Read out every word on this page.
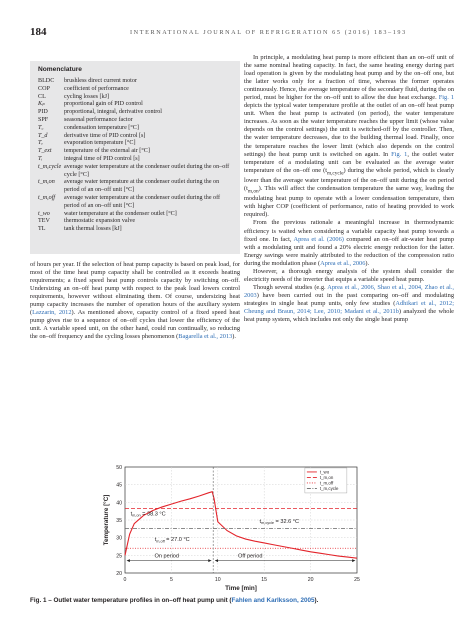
184	INTERNATIONAL JOURNAL OF REFRIGERATION 65 (2016) 183–193
Nomenclature
BLDC	brushless direct current motor
COP	coefficient of performance
CL	cycling losses [kJ]
Kₚ	proportional gain of PID control
PID	proportional, integral, derivative control
SPF	seasonal performance factor
T꜀	condensation temperature [°C]
T_d	derivative time of PID control [s]
Tₑ	evaporation temperature [°C]
T_ext	temperature of the external air [°C]
Tᵢ	integral time of PID control [s]
t_m,cycle average water temperature at the condenser outlet during the on–off cycle [°C]
t_m,on	average water temperature at the condenser outlet during the on period of an on–off unit [°C]
t_m,off	average water temperature at the condenser outlet during the off period of an on–off unit [°C]
t_wo	water temperature at the condenser outlet [°C]
TEV	thermostatic expansion valve
TL	tank thermal losses [kJ]

of hours per year. If the selection of heat pump capacity is based on peak load, for most of the time heat pump capacity shall be controlled as it exceeds heating requirements; a fixed speed heat pump controls capacity by switching on–off. Undersizing an on–off heat pump with respect to the peak load lowers control requirements, however without eliminating them. Of course, undersizing heat pump capacity increases the number of operation hours of the auxiliary system (Lazzarin, 2012). As mentioned above, capacity control of a fixed speed heat pump gives rise to a sequence of on–off cycles that lower the efficiency of the unit. A variable speed unit, on the other hand, could run continually, so reducing the on–off frequency and the cycling losses phenomenon (Bagarella et al., 2013).

In principle, a modulating heat pump is more efficient than an on–off unit of the same nominal heating capacity. In fact, the same heating energy during part load operation is given by the modulating heat pump and by the on–off one, but the latter works only for a fraction of time, whereas the former operates continuously. Hence, the average temperature of the secondary fluid, during the on period, must be higher for the on–off unit to allow the due heat exchange. Fig. 1 depicts the typical water temperature profile at the outlet of an on–off heat pump unit. When the heat pump is activated (on period), the water temperature increases. As soon as the water temperature reaches the upper limit (whose value depends on the control settings) the unit is switched-off by the controller. Then, the water temperature decreases, due to the building thermal load. Finally, once the temperature reaches the lower limit (which also depends on the control settings) the heat pump unit is switched on again. In Fig. 1, the outlet water temperature of a modulating unit can be evaluated as the average water temperature of the on–off one $(t_{m,cycle})$ during the whole period, which is clearly lower than the average water temperature of the on–off unit during the on period $(t_{m,on})$. This will affect the condensation temperature the same way, leading the modulating heat pump to operate with a lower condensation temperature, then with higher COP (coefficient of performance, ratio of heating provided to work required).

From the previous rationale a meaningful increase in thermodynamic efficiency is waited when considering a variable capacity heat pump towards a fixed one. In fact, Aprea et al. (2006) compared an on–off air-water heat pump with a modulating unit and found a 20% electric energy reduction for the latter. Energy savings were mainly attributed to the reduction of the compression ratio during the modulation phase (Aprea et al., 2006).

However, a thorough energy analysis of the system shall consider the electricity needs of the inverter that equips a variable speed heat pump.

Though several studies (e.g. Aprea et al., 2006, Shao et al., 2004, Zhao et al., 2003) have been carried out in the past comparing on–off and modulating strategies in single heat pump units, only few studies (Adhikari et al., 2012; Cheung and Braun, 2014; Lee, 2010; Madani et al., 2011b) analyzed the whole heat pump system, which includes not only the single heat pump

20
25
30
35
40
45
50
0	5	10	15	20	25
Time [min]
Temperature [°C]
On period	Off period
$t_{m,on} = 38.3$ °C
$t_{m,cycle} = 32.6$ °C
$t_{m,off} = 27.0$ °C
t_wo
t_m,on
t_m,off
t_m,cycle
Fig. 1 – Outlet water temperature profiles in on–off heat pump unit (Fahlen and Karlksson, 2005).
